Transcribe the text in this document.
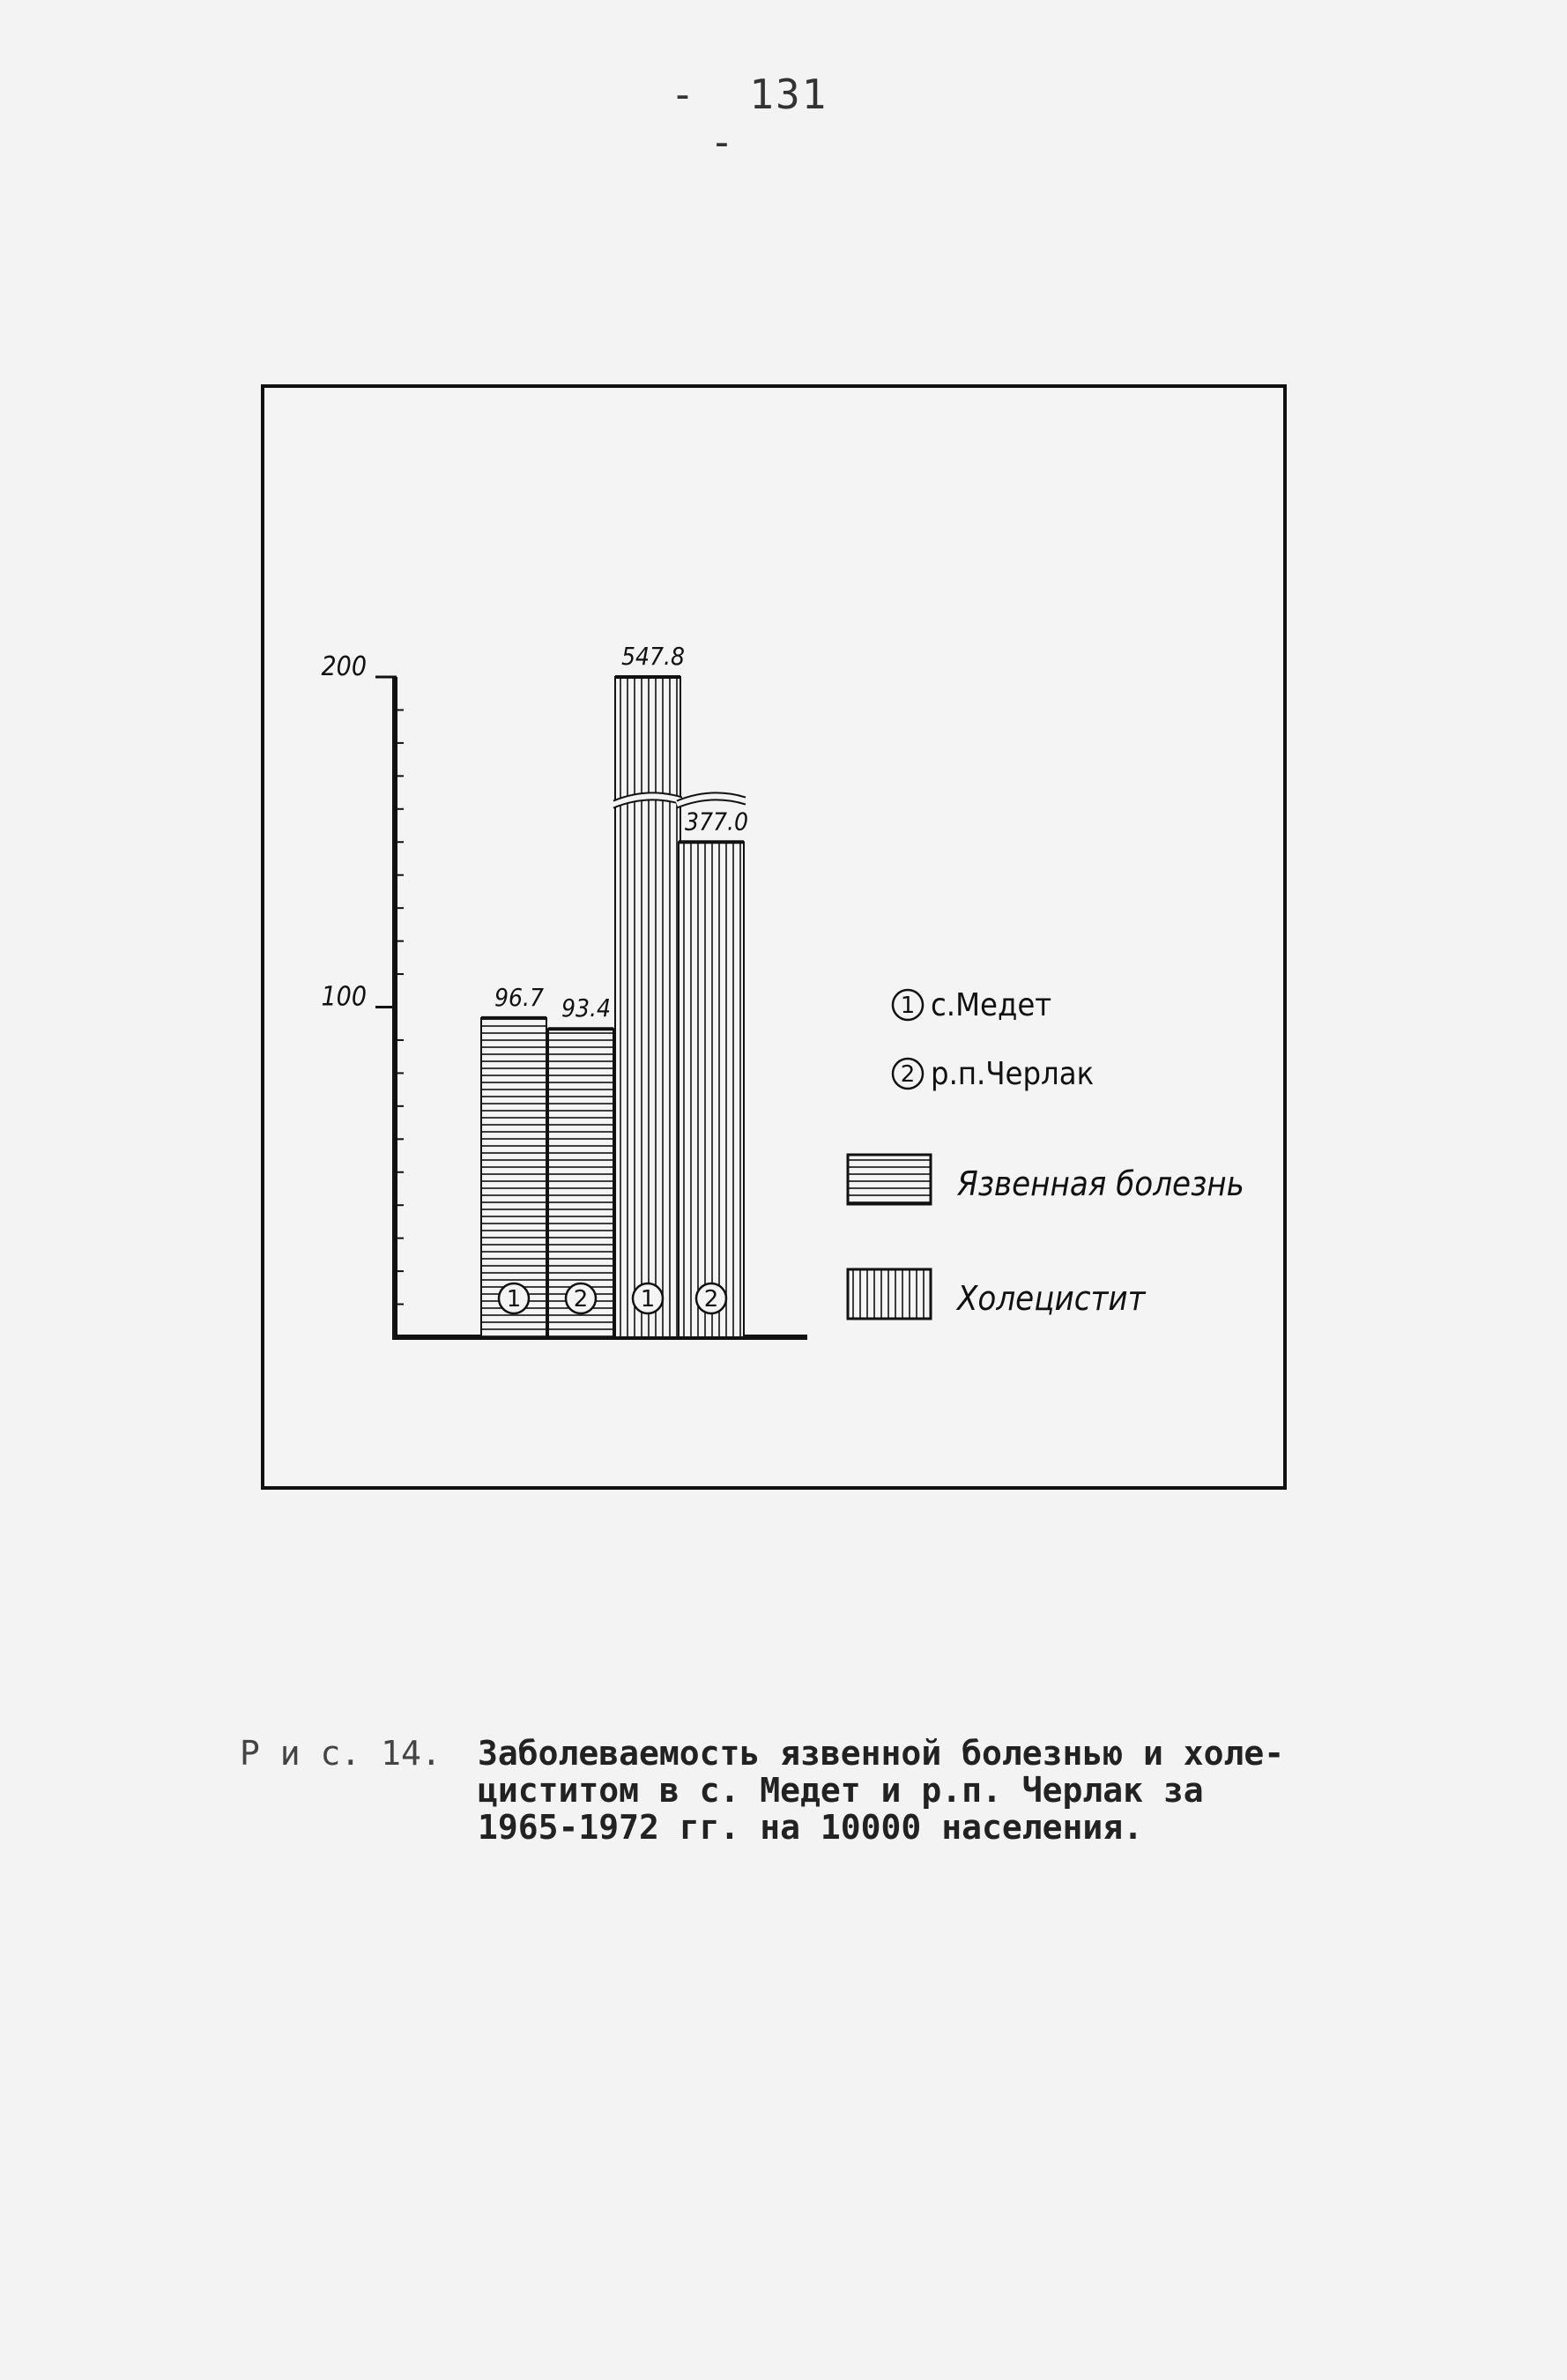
- 131-
100
200
96.7
1
93.4
2
547.8
1
377.0
2
1 с.Медет
2 р.п.Черлак
Язвенная болезнь
Холецистит
Р и с. 14. Заболеваемость язвенной болезнью и холе-
циститом в с. Медет и р.п. Черлак за
1965-1972 гг. на 10000 населения.
